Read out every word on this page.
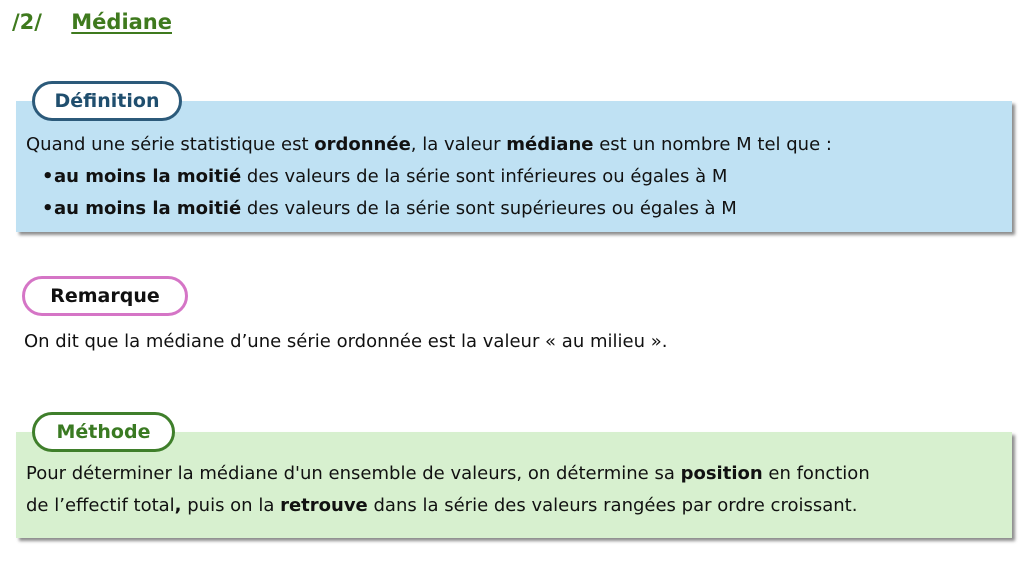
/2/ Médiane
Définition
Quand une série statistique est ordonnée, la valeur médiane est un nombre M tel que :
•au moins la moitié des valeurs de la série sont inférieures ou égales à M
•au moins la moitié des valeurs de la série sont supérieures ou égales à M
Remarque
On dit que la médiane d’une série ordonnée est la valeur « au milieu ».
Méthode
Pour déterminer la médiane d'un ensemble de valeurs, on détermine sa position en fonction
de l’effectif total, puis on la retrouve dans la série des valeurs rangées par ordre croissant.
